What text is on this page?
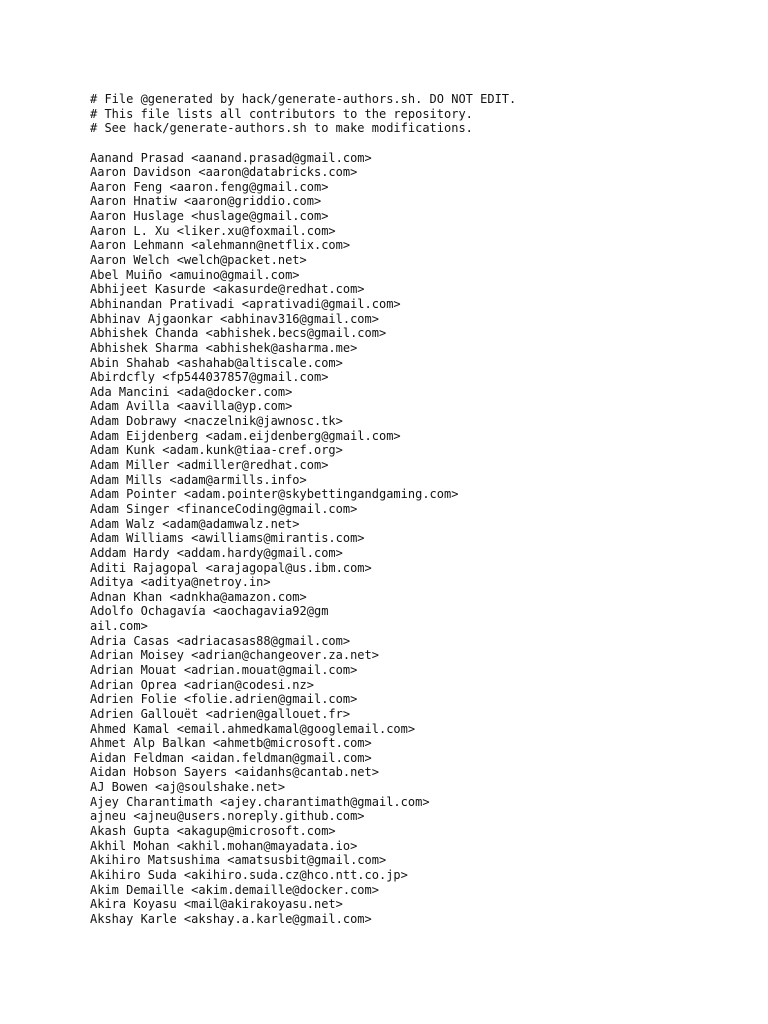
# File @generated by hack/generate-authors.sh. DO NOT EDIT.
# This file lists all contributors to the repository.
# See hack/generate-authors.sh to make modifications.
Aanand Prasad <aanand.prasad@gmail.com>
Aaron Davidson <aaron@databricks.com>
Aaron Feng <aaron.feng@gmail.com>
Aaron Hnatiw <aaron@griddio.com>
Aaron Huslage <huslage@gmail.com>
Aaron L. Xu <liker.xu@foxmail.com>
Aaron Lehmann <alehmann@netflix.com>
Aaron Welch <welch@packet.net>
Abel Muiño <amuino@gmail.com>
Abhijeet Kasurde <akasurde@redhat.com>
Abhinandan Prativadi <aprativadi@gmail.com>
Abhinav Ajgaonkar <abhinav316@gmail.com>
Abhishek Chanda <abhishek.becs@gmail.com>
Abhishek Sharma <abhishek@asharma.me>
Abin Shahab <ashahab@altiscale.com>
Abirdcfly <fp544037857@gmail.com>
Ada Mancini <ada@docker.com>
Adam Avilla <aavilla@yp.com>
Adam Dobrawy <naczelnik@jawnosc.tk>
Adam Eijdenberg <adam.eijdenberg@gmail.com>
Adam Kunk <adam.kunk@tiaa-cref.org>
Adam Miller <admiller@redhat.com>
Adam Mills <adam@armills.info>
Adam Pointer <adam.pointer@skybettingandgaming.com>
Adam Singer <financeCoding@gmail.com>
Adam Walz <adam@adamwalz.net>
Adam Williams <awilliams@mirantis.com>
Addam Hardy <addam.hardy@gmail.com>
Aditi Rajagopal <arajagopal@us.ibm.com>
Aditya <aditya@netroy.in>
Adnan Khan <adnkha@amazon.com>
Adolfo Ochagavía <aochagavia92@gm
ail.com>
Adria Casas <adriacasas88@gmail.com>
Adrian Moisey <adrian@changeover.za.net>
Adrian Mouat <adrian.mouat@gmail.com>
Adrian Oprea <adrian@codesi.nz>
Adrien Folie <folie.adrien@gmail.com>
Adrien Gallouët <adrien@gallouet.fr>
Ahmed Kamal <email.ahmedkamal@googlemail.com>
Ahmet Alp Balkan <ahmetb@microsoft.com>
Aidan Feldman <aidan.feldman@gmail.com>
Aidan Hobson Sayers <aidanhs@cantab.net>
AJ Bowen <aj@soulshake.net>
Ajey Charantimath <ajey.charantimath@gmail.com>
ajneu <ajneu@users.noreply.github.com>
Akash Gupta <akagup@microsoft.com>
Akhil Mohan <akhil.mohan@mayadata.io>
Akihiro Matsushima <amatsusbit@gmail.com>
Akihiro Suda <akihiro.suda.cz@hco.ntt.co.jp>
Akim Demaille <akim.demaille@docker.com>
Akira Koyasu <mail@akirakoyasu.net>
Akshay Karle <akshay.a.karle@gmail.com>
